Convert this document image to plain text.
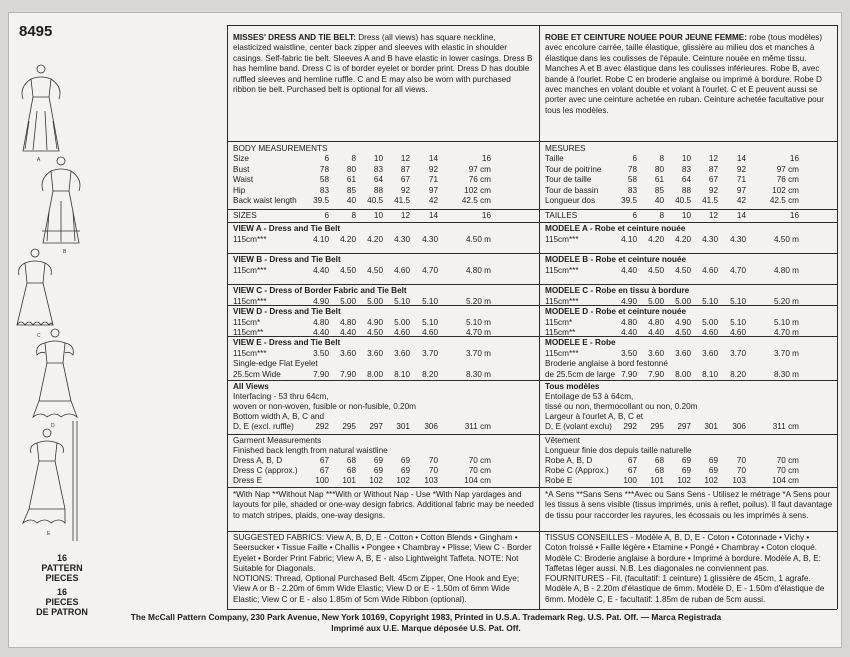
8495
A
B
C
D
E
16
PATTERN
PIECES
16
PIECES
DE PATRON
MISSES' DRESS AND TIE BELT: Dress (all views) has square neckline, elasticized waistline, center back zipper and sleeves with elastic in shoulder casings. Self-fabric tie belt. Sleeves A and B have elastic in lower casings. Dress B has hemline band. Dress C is of border eyelet or border print. Dress D has double ruffled sleeves and hemline ruffle. C and E may also be worn with purchased ribbon tie belt. Purchased belt is optional for all views.
BODY MEASUREMENTS
Size	6	8	10	12	14	16
Bust	78	80	83	87	92	97 cm
Waist	58	61	64	67	71	76 cm
Hip	83	85	88	92	97	102 cm
Back waist length	39.5	40	40.5	41.5	42	42.5 cm
SIZES	6	8	10	12	14	16
VIEW A - Dress and Tie Belt
115cm***	4.10	4.20	4.20	4.30	4.30	4.50 m
VIEW B - Dress and Tie Belt
115cm***	4.40	4.50	4.50	4.60	4.70	4.80 m
VIEW C - Dress of Border Fabric and Tie Belt
115cm***	4.90	5.00	5.00	5.10	5.10	5.20 m
VIEW D - Dress and Tie Belt
115cm*	4.80	4.80	4.90	5.00	5.10	5.10 m
115cm**	4.40	4.40	4.50	4.60	4.60	4.70 m
VIEW E - Dress and Tie Belt
115cm***	3.50	3.60	3.60	3.60	3.70	3.70 m
Single-edge Flat Eyelet
25.5cm Wide	7.90	7.90	8.00	8.10	8.20	8.30 m
All Views
Interfacing - 53 thru 64cm,
woven or non-woven, fusible or non-fusible, 0.20m
Bottom width A, B, C and
D, E (excl. ruffle)	292	295	297	301	306	311 cm
Garment Measurements
Finished back length from natural waistline
Dress A, B, D	67	68	69	69	70	70 cm
Dress C (approx.)	67	68	69	69	70	70 cm
Dress E	100	101	102	102	103	104 cm
*With Nap **Without Nap ***With or Without Nap - Use *With Nap yardages and layouts for pile, shaded or one-way design fabrics. Additional fabric may be needed to match stripes, plaids, one-way designs.
SUGGESTED FABRICS: View A, B, D, E - Cotton • Cotton Blends • Gingham • Seersucker • Tissue Faille • Challis • Pongee • Chambray • Plisse; View C - Border Eyelet • Border Print Fabric; View A, B, E - also Lightweight Taffeta. NOTE: Not Suitable for Diagonals.
NOTIONS: Thread, Optional Purchased Belt. 45cm Zipper, One Hook and Eye; View A or B - 2.20m of 6mm Wide Elastic; View D or E - 1.50m of 6mm Wide Elastic; View C or E - also 1.85m of 5cm Wide Ribbon (optional).
ROBE ET CEINTURE NOUEE POUR JEUNE FEMME: robe (tous modèles) avec encolure carrée, taille élastique, glissière au milieu dos et manches à élastique dans les coulisses de l'épaule. Ceinture nouée en même tissu. Manches A et B avec élastique dans les coulisses inférieures. Robe B, avec bande à l'ourlet. Robe C en broderie anglaise ou imprimé à bordure. Robe D avec manches en volant double et volant à l'ourlet. C et E peuvent aussi se porter avec une ceinture achetée en ruban. Ceinture achetée facultative pour tous les modèles.
MESURES
Taille	6	8	10	12	14	16
Tour de poitrine	78	80	83	87	92	97 cm
Tour de taille	58	61	64	67	71	76 cm
Tour de bassin	83	85	88	92	97	102 cm
Longueur dos	39.5	40	40.5	41.5	42	42.5 cm
TAILLES	6	8	10	12	14	16
MODELE A - Robe et ceinture nouée
115cm***	4.10	4.20	4.20	4.30	4.30	4.50 m
MODELE B - Robe et ceinture nouée
115cm***	4.40	4.50	4.50	4.60	4.70	4.80 m
MODELE C - Robe en tissu à bordure
115cm***	4.90	5.00	5.00	5.10	5.10	5.20 m
MODELE D - Robe et ceinture nouée
115cm*	4.80	4.80	4.90	5.00	5.10	5.10 m
115cm**	4.40	4.40	4.50	4.60	4.60	4.70 m
MODELE E - Robe
115cm***	3.50	3.60	3.60	3.60	3.70	3.70 m
Broderie anglaise à bord festonné
de 25.5cm de large 7.90	7.90	8.00	8.10	8.20	8.30 m
Tous modèles
Entoilage de 53 à 64cm,
tissé ou non, thermocollant ou non, 0.20m
Largeur à l'ourlet A, B, C et
D, E (volant exclu)	292	295	297	301	306	311 cm
Vêtement
Longueur finie dos depuis taille naturelle
Robe A, B, D	67	68	69	69	70	70 cm
Robe C (Approx.)	67	68	69	69	70	70 cm
Robe E	100	101	102	102	103	104 cm
*A Sens **Sans Sens ***Avec ou Sans Sens - Utilisez le métrage *A Sens pour les tissus à sens visible (tissus imprimés, unis à reflet, poilus). Il faut davantage de tissu pour raccorder les rayures, les écossais ou les imprimés à sens.
TISSUS CONSEILLES - Modèle A, B, D, E - Coton • Cotonnade • Vichy • Coton froissé • Faille légère • Etamine • Pongé • Chambray • Coton cloqué. Modèle C: Broderie anglaise à bordure • Imprimé à bordure. Modèle A, B, E: Taffetas léger aussi. N.B. Les diagonales ne conviennent pas.
FOURNITURES - Fil, (facultatif: 1 ceinture) 1 glissière de 45cm, 1 agrafe. Modèle A, B - 2.20m d'élastique de 6mm. Modèle D, E - 1.50m d'élastique de 6mm. Modèle C, E - facultatif: 1.85m de ruban de 5cm aussi.
The McCall Pattern Company, 230 Park Avenue, New York 10169, Copyright 1983, Printed in U.S.A. Trademark Reg. U.S. Pat. Off. — Marca Registrada
Imprimé aux U.E. Marque déposée U.S. Pat. Off.
